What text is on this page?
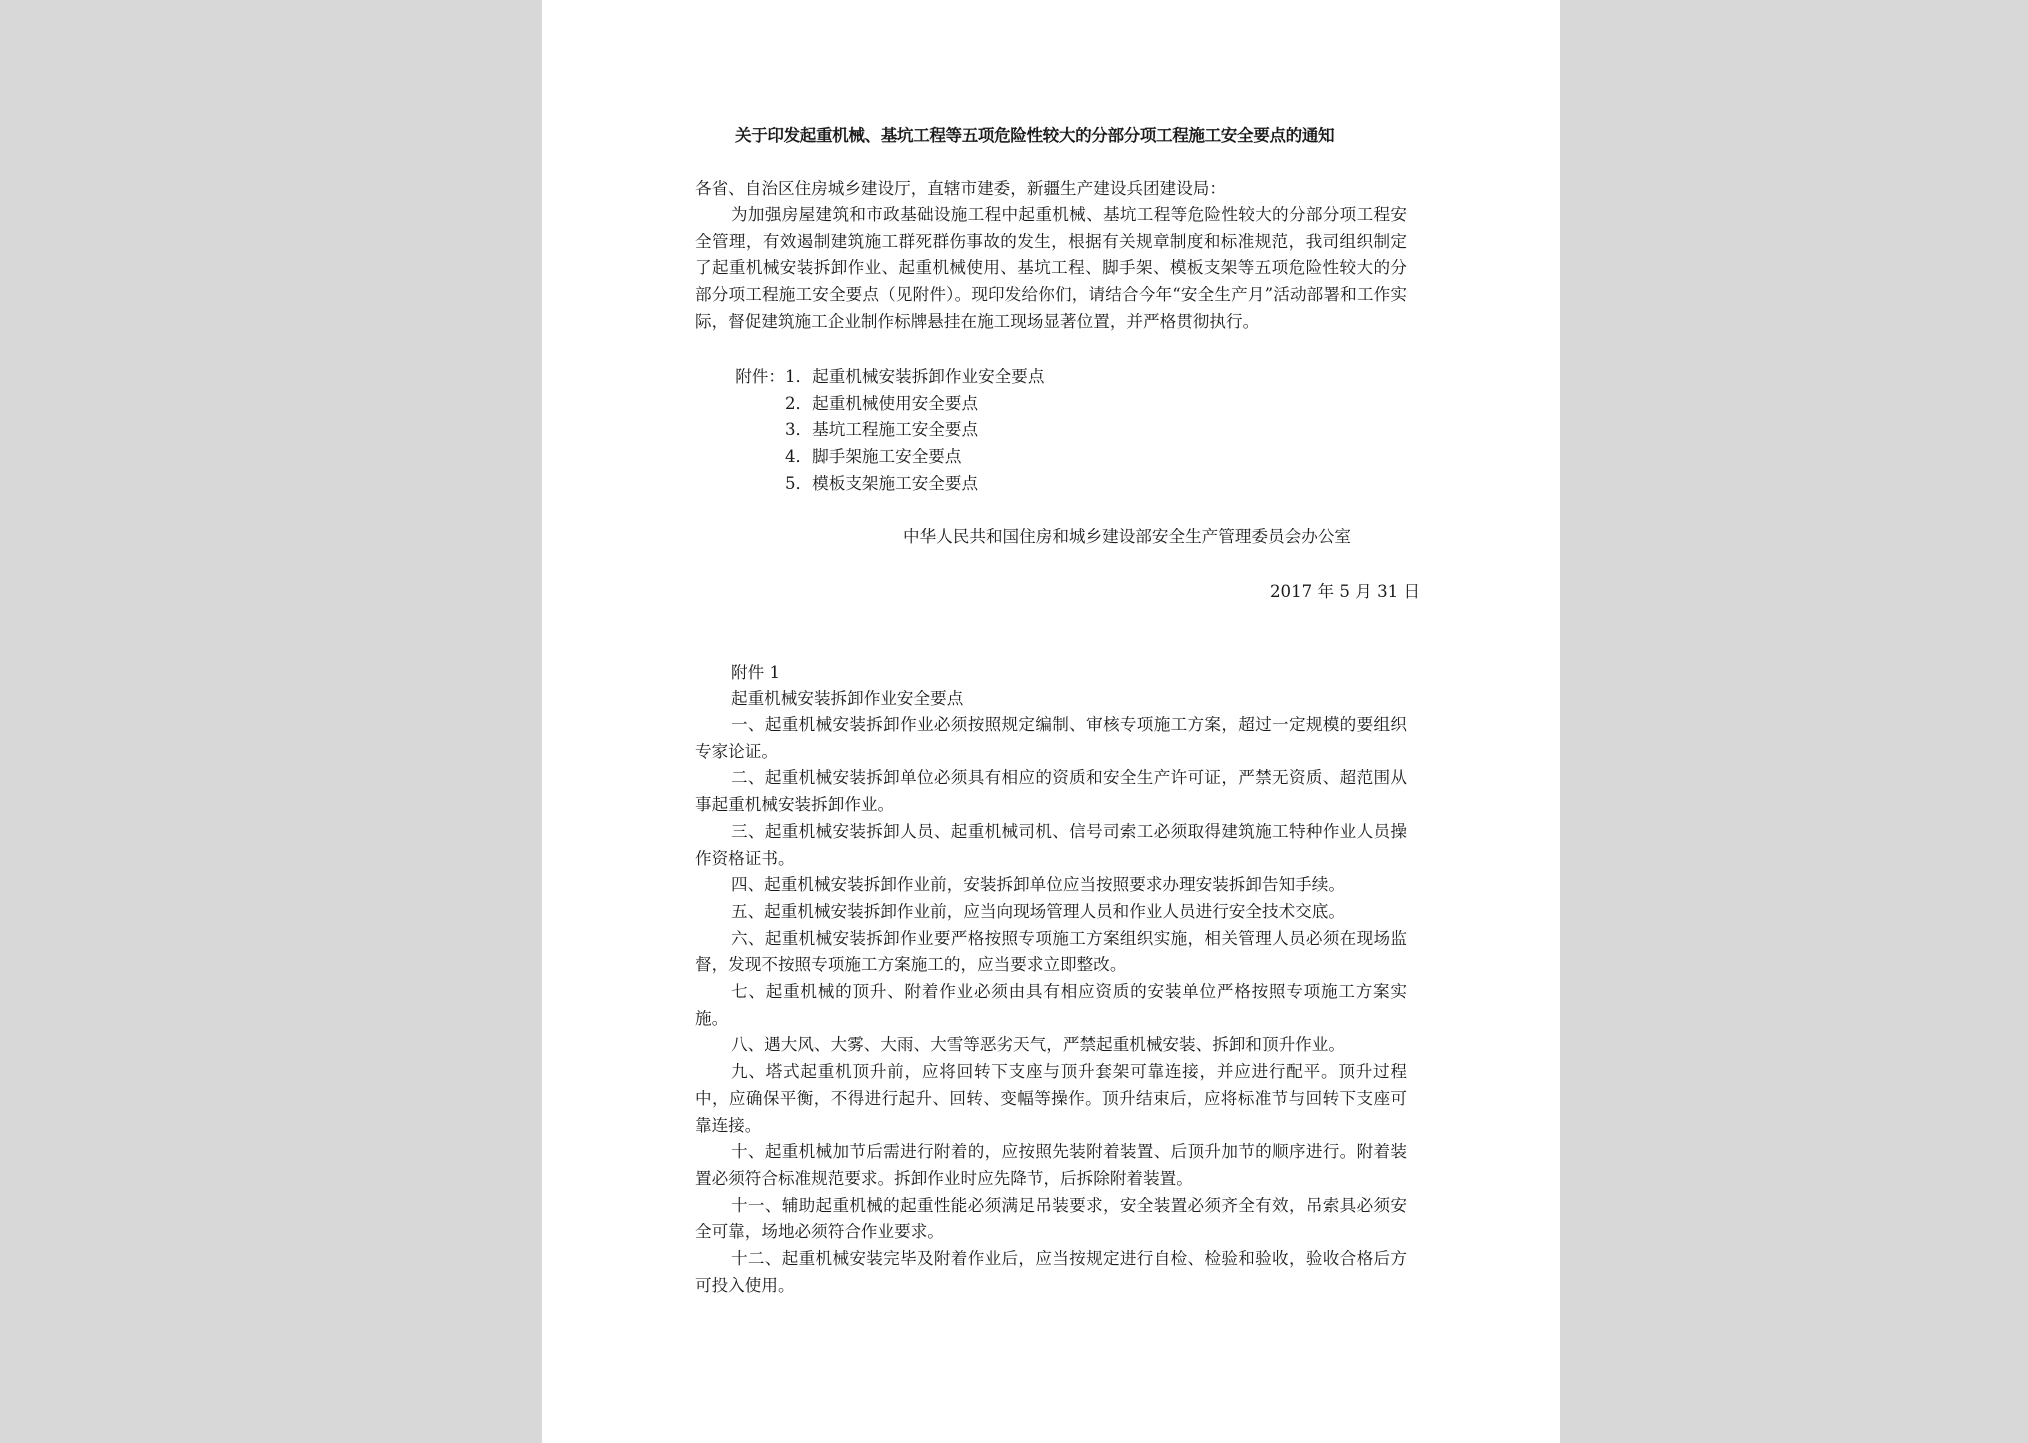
关于印发起重机械、基坑工程等五项危险性较大的分部分项工程施工安全要点的通知

各省、自治区住房城乡建设厅，直辖市建委，新疆生产建设兵团建设局：

为加强房屋建筑和市政基础设施工程中起重机械、基坑工程等危险性较大的分部分项工程安全管理，有效遏制建筑施工群死群伤事故的发生，根据有关规章制度和标准规范，我司组织制定了起重机械安装拆卸作业、起重机械使用、基坑工程、脚手架、模板支架等五项危险性较大的分部分项工程施工安全要点（见附件）。现印发给你们，请结合今年“安全生产月”活动部署和工作实际，督促建筑施工企业制作标牌悬挂在施工现场显著位置，并严格贯彻执行。

附件：1．起重机械安装拆卸作业安全要点
2．起重机械使用安全要点
3．基坑工程施工安全要点
4．脚手架施工安全要点
5．模板支架施工安全要点
中华人民共和国住房和城乡建设部安全生产管理委员会办公室
2017 年 5 月 31 日
附件 1
起重机械安装拆卸作业安全要点

一、起重机械安装拆卸作业必须按照规定编制、审核专项施工方案，超过一定规模的要组织专家论证。

二、起重机械安装拆卸单位必须具有相应的资质和安全生产许可证，严禁无资质、超范围从事起重机械安装拆卸作业。

三、起重机械安装拆卸人员、起重机械司机、信号司索工必须取得建筑施工特种作业人员操作资格证书。

四、起重机械安装拆卸作业前，安装拆卸单位应当按照要求办理安装拆卸告知手续。

五、起重机械安装拆卸作业前，应当向现场管理人员和作业人员进行安全技术交底。

六、起重机械安装拆卸作业要严格按照专项施工方案组织实施，相关管理人员必须在现场监督，发现不按照专项施工方案施工的，应当要求立即整改。

七、起重机械的顶升、附着作业必须由具有相应资质的安装单位严格按照专项施工方案实施。

八、遇大风、大雾、大雨、大雪等恶劣天气，严禁起重机械安装、拆卸和顶升作业。

九、塔式起重机顶升前，应将回转下支座与顶升套架可靠连接，并应进行配平。顶升过程中，应确保平衡，不得进行起升、回转、变幅等操作。顶升结束后，应将标准节与回转下支座可靠连接。

十、起重机械加节后需进行附着的，应按照先装附着装置、后顶升加节的顺序进行。附着装置必须符合标准规范要求。拆卸作业时应先降节，后拆除附着装置。

十一、辅助起重机械的起重性能必须满足吊装要求，安全装置必须齐全有效，吊索具必须安全可靠，场地必须符合作业要求。

十二、起重机械安装完毕及附着作业后，应当按规定进行自检、检验和验收，验收合格后方可投入使用。
